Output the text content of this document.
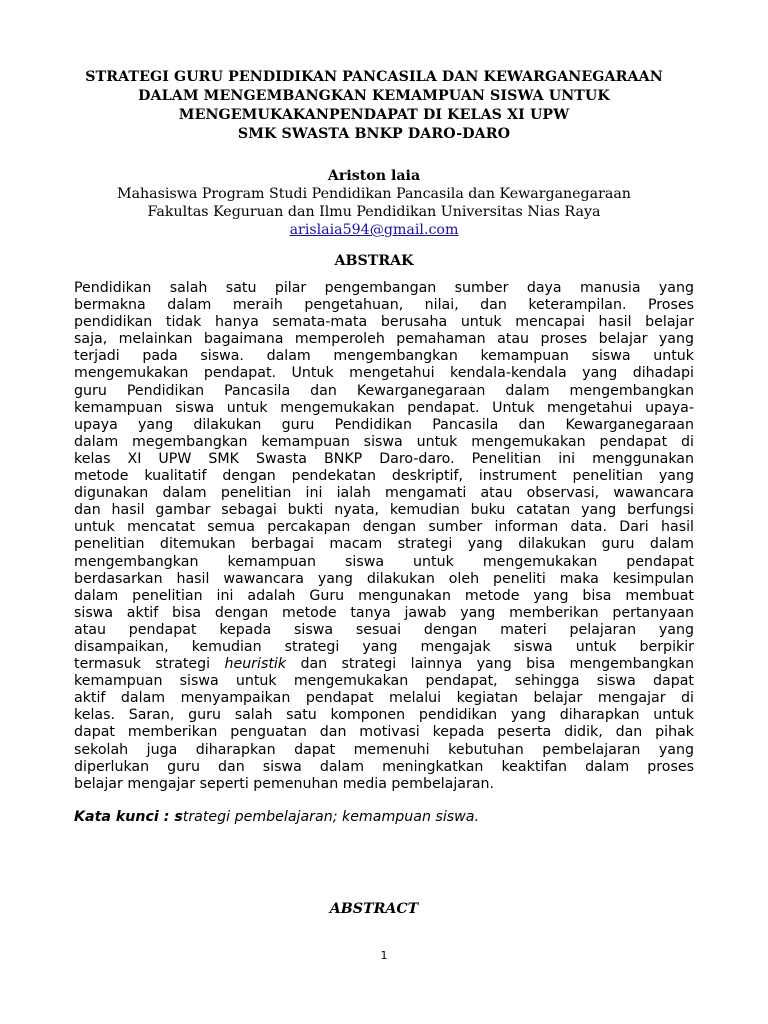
STRATEGI GURU PENDIDIKAN PANCASILA DAN KEWARGANEGARAAN
DALAM MENGEMBANGKAN KEMAMPUAN SISWA UNTUK
MENGEMUKAKANPENDAPAT DI KELAS XI UPW
SMK SWASTA BNKP DARO-DARO
Ariston laia
Mahasiswa Program Studi Pendidikan Pancasila dan Kewarganegaraan
Fakultas Keguruan dan Ilmu Pendidikan Universitas Nias Raya
arislaia594@gmail.com
ABSTRAK
Pendidikan salah satu pilar pengembangan sumber daya manusia yang
bermakna dalam meraih pengetahuan, nilai, dan keterampilan. Proses
pendidikan tidak hanya semata-mata berusaha untuk mencapai hasil belajar
saja, melainkan bagaimana memperoleh pemahaman atau proses belajar yang
terjadi pada siswa. dalam mengembangkan kemampuan siswa untuk
mengemukakan pendapat. Untuk mengetahui kendala-kendala yang dihadapi
guru Pendidikan Pancasila dan Kewarganegaraan dalam mengembangkan
kemampuan siswa untuk mengemukakan pendapat. Untuk mengetahui upaya-
upaya yang dilakukan guru Pendidikan Pancasila dan Kewarganegaraan
dalam megembangkan kemampuan siswa untuk mengemukakan pendapat di
kelas XI UPW SMK Swasta BNKP Daro-daro. Penelitian ini menggunakan
metode kualitatif dengan pendekatan deskriptif, instrument penelitian yang
digunakan dalam penelitian ini ialah mengamati atau observasi, wawancara
dan hasil gambar sebagai bukti nyata, kemudian buku catatan yang berfungsi
untuk mencatat semua percakapan dengan sumber informan data. Dari hasil
penelitian ditemukan berbagai macam strategi yang dilakukan guru dalam
mengembangkan kemampuan siswa untuk mengemukakan pendapat
berdasarkan hasil wawancara yang dilakukan oleh peneliti maka kesimpulan
dalam penelitian ini adalah Guru mengunakan metode yang bisa membuat
siswa aktif bisa dengan metode tanya jawab yang memberikan pertanyaan
atau pendapat kepada siswa sesuai dengan materi pelajaran yang
disampaikan, kemudian strategi yang mengajak siswa untuk berpikir
termasuk strategi heuristik dan strategi lainnya yang bisa mengembangkan
kemampuan siswa untuk mengemukakan pendapat, sehingga siswa dapat
aktif dalam menyampaikan pendapat melalui kegiatan belajar mengajar di
kelas. Saran, guru salah satu komponen pendidikan yang diharapkan untuk
dapat memberikan penguatan dan motivasi kepada peserta didik, dan pihak
sekolah juga diharapkan dapat memenuhi kebutuhan pembelajaran yang
diperlukan guru dan siswa dalam meningkatkan keaktifan dalam proses
belajar mengajar seperti pemenuhan media pembelajaran.
Kata kunci : strategi pembelajaran; kemampuan siswa.
ABSTRACT
1
